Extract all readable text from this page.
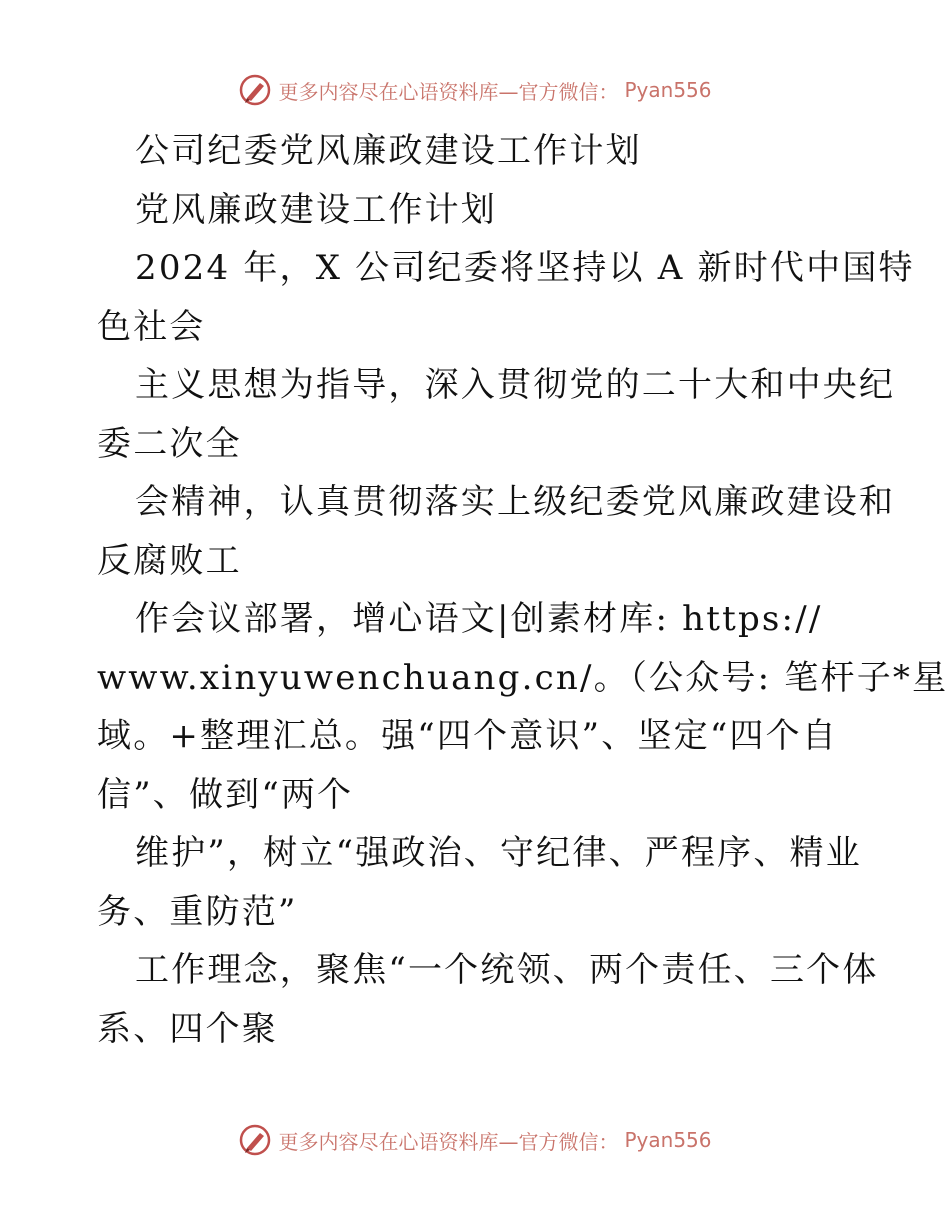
更多内容尽在心语资料库—官方微信： Pyan556
公司纪委党风廉政建设工作计划
党风廉政建设工作计划
2024 年，X 公司纪委将坚持以 A 新时代中国特
色社会
主义思想为指导，深入贯彻党的二十大和中央纪
委二次全
会精神，认真贯彻落实上级纪委党风廉政建设和
反腐败工
作会议部署，增心语文|创素材库: https://
www.xinyuwenchuang.cn/。（公众号: 笔杆子*星
域。+整理汇总。强“四个意识”、坚定“四个自
信”、做到“两个
维护”，树立“强政治、守纪律、严程序、精业
务、重防范”
工作理念，聚焦“一个统领、两个责任、三个体
系、四个聚
更多内容尽在心语资料库—官方微信： Pyan556
